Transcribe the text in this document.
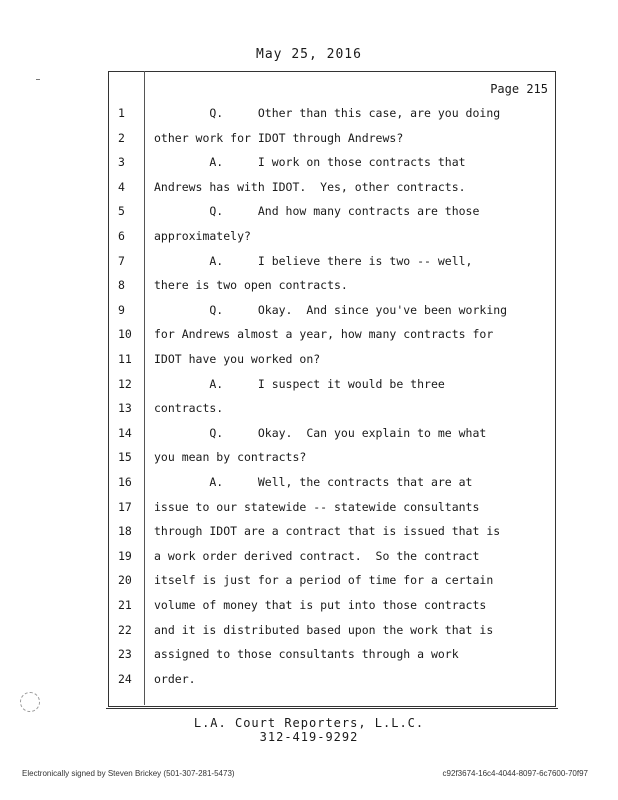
May 25, 2016
Page 215
1	Q.     Other than this case, are you doing
2	other work for IDOT through Andrews?
3	A.     I work on those contracts that
4	Andrews has with IDOT.  Yes, other contracts.
5	Q.     And how many contracts are those
6	approximately?
7	A.     I believe there is two -- well,
8	there is two open contracts.
9	Q.     Okay.  And since you've been working
10	for Andrews almost a year, how many contracts for
11	IDOT have you worked on?
12	A.     I suspect it would be three
13	contracts.
14	Q.     Okay.  Can you explain to me what
15	you mean by contracts?
16	A.     Well, the contracts that are at
17	issue to our statewide -- statewide consultants
18	through IDOT are a contract that is issued that is
19	a work order derived contract.  So the contract
20	itself is just for a period of time for a certain
21	volume of money that is put into those contracts
22	and it is distributed based upon the work that is
23	assigned to those consultants through a work
24	order.
L.A. Court Reporters, L.L.C.
312-419-9292
Electronically signed by Steven Brickey (501-307-281-5473)	c92f3674-16c4-4044-8097-6c7600-70f97
